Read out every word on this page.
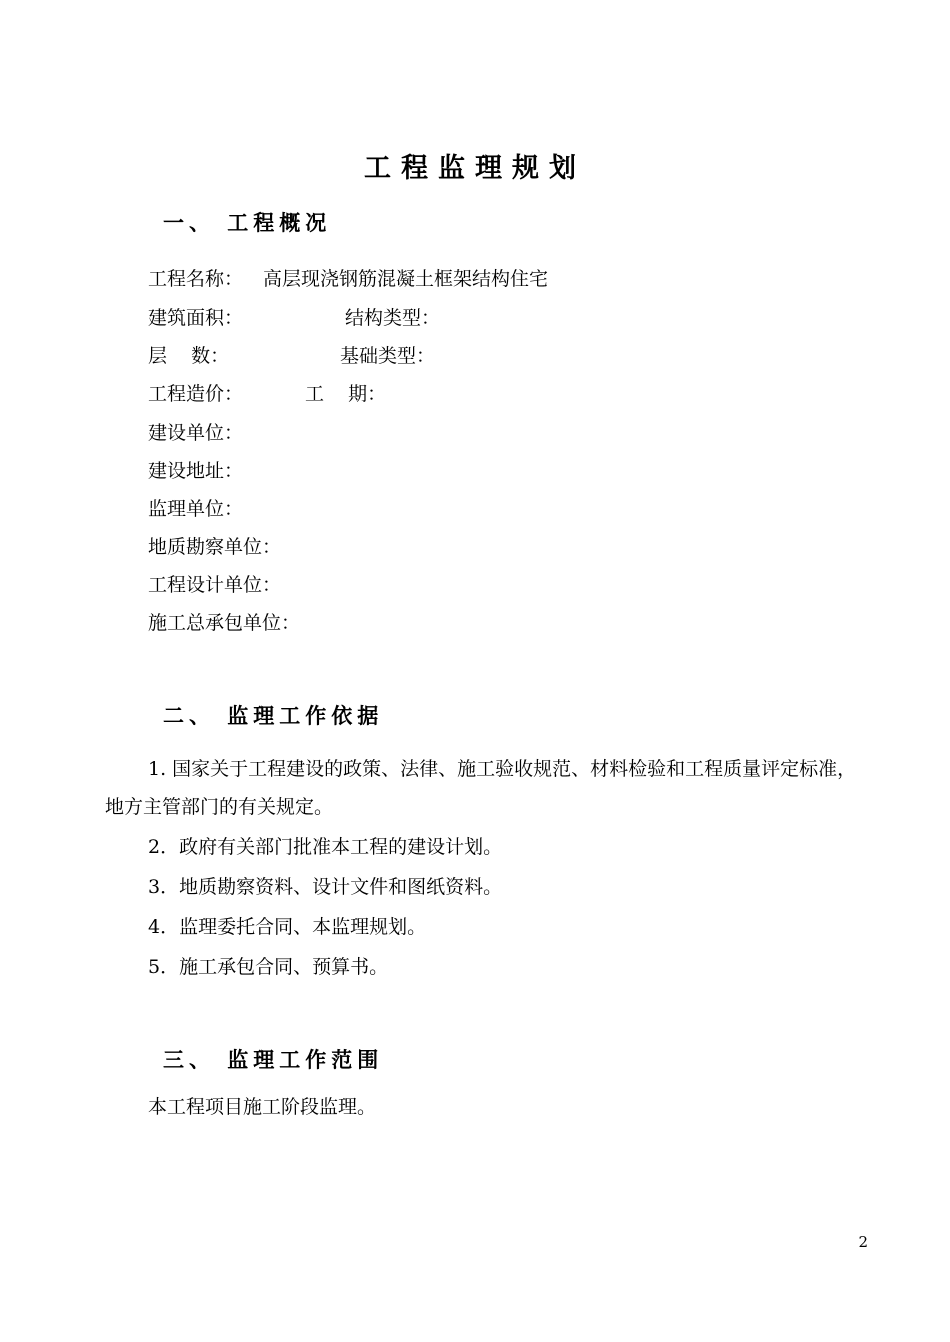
工程监理规划
一、 工程概况
工程名称： 高层现浇钢筋混凝土框架结构住宅
建筑面积：	结构类型：
层    数：	基础类型：
工程造价：	工    期：
建设单位：
建设地址：
监理单位：
地质勘察单位：
工程设计单位：
施工总承包单位：
二、 监理工作依据
1. 国家关于工程建设的政策、法律、施工验收规范、材料检验和工程质量评定标准，地方主管部门的有关规定。
2．政府有关部门批准本工程的建设计划。
3．地质勘察资料、设计文件和图纸资料。
4．监理委托合同、本监理规划。
5．施工承包合同、预算书。
三、 监理工作范围
本工程项目施工阶段监理。
2
